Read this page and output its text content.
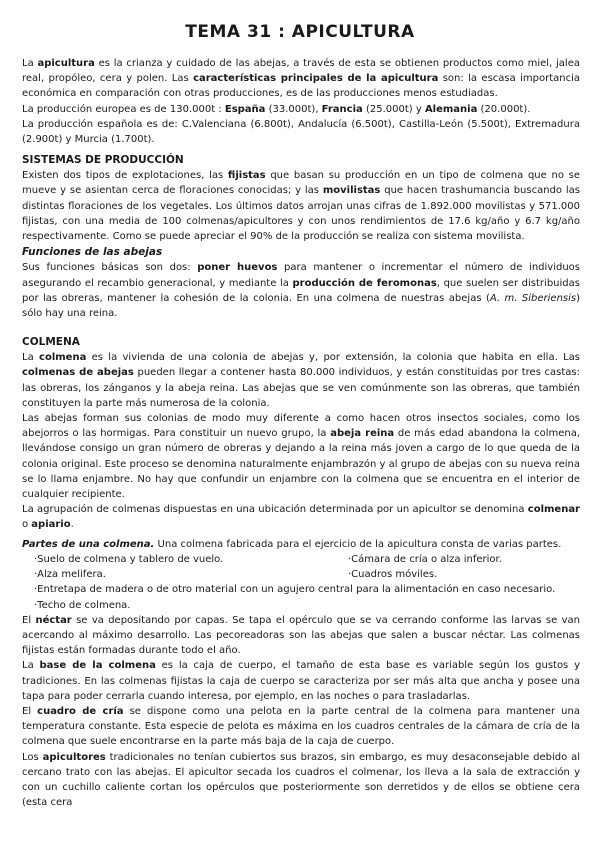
TEMA 31 : APICULTURA

La apicultura es la crianza y cuidado de las abejas, a través de esta se obtienen productos como miel, jalea real, propóleo, cera y polen. Las características principales de la apicultura son: la escasa importancia económica en comparación con otras producciones, es de las producciones menos estudiadas.

La producción europea es de 130.000t : España (33.000t), Francia (25.000t) y Alemania (20.000t).

La producción española es de: C.Valenciana (6.800t), Andalucía (6.500t), Castilla-León (5.500t), Extremadura (2.900t) y Murcia (1.700t).

SISTEMAS DE PRODUCCIÓN

Existen dos tipos de explotaciones, las fijistas que basan su producción en un tipo de colmena que no se mueve y se asientan cerca de floraciones conocidas; y las movilistas que hacen trashumancia buscando las distintas floraciones de los vegetales. Los últimos datos arrojan unas cifras de 1.892.000 movilistas y 571.000 fijistas, con una media de 100 colmenas/apicultores y con unos rendimientos de 17.6 kg/año y 6.7 kg/año respectivamente. Como se puede apreciar el 90% de la producción se realiza con sistema movilista.

Funciones de las abejas

Sus funciones básicas son dos: poner huevos para mantener o incrementar el número de individuos asegurando el recambio generacional, y mediante la producción de feromonas, que suelen ser distribuidas por las obreras, mantener la cohesión de la colonia. En una colmena de nuestras abejas (A. m. Siberiensis) sólo hay una reina.

COLMENA

La colmena es la vivienda de una colonia de abejas y, por extensión, la colonia que habita en ella. Las colmenas de abejas pueden llegar a contener hasta 80.000 individuos, y están constituidas por tres castas: las obreras, los zánganos y la abeja reina. Las abejas que se ven comúnmente son las obreras, que también constituyen la parte más numerosa de la colonia.

Las abejas forman sus colonias de modo muy diferente a como hacen otros insectos sociales, como los abejorros o las hormigas. Para constituir un nuevo grupo, la abeja reina de más edad abandona la colmena, llevándose consigo un gran número de obreras y dejando a la reina más joven a cargo de lo que queda de la colonia original. Este proceso se denomina naturalmente enjambrazón y al grupo de abejas con su nueva reina se lo llama enjambre. No hay que confundir un enjambre con la colmena que se encuentra en el interior de cualquier recipiente.

La agrupación de colmenas dispuestas en una ubicación determinada por un apicultor se denomina colmenar o apiario.

Partes de una colmena. Una colmena fabricada para el ejercicio de la apicultura consta de varias partes.

·Suelo de colmena y tablero de vuelo.	·Cámara de cría o alza inferior.
·Alza melifera.	·Cuadros móviles.
·Entretapa de madera o de otro material con un agujero central para la alimentación en caso necesario.
·Techo de colmena.

El néctar se va depositando por capas. Se tapa el opérculo que se va cerrando conforme las larvas se van acercando al máximo desarrollo. Las pecoreadoras son las abejas que salen a buscar néctar. Las colmenas fijistas están formadas durante todo el año.

La base de la colmena es la caja de cuerpo, el tamaño de esta base es variable según los gustos y tradiciones. En las colmenas fijistas la caja de cuerpo se caracteriza por ser más alta que ancha y posee una tapa para poder cerrarla cuando interesa, por ejemplo, en las noches o para trasladarlas.

El cuadro de cría se dispone como una pelota en la parte central de la colmena para mantener una temperatura constante. Esta especie de pelota es máxima en los cuadros centrales de la cámara de cría de la colmena que suele encontrarse en la parte más baja de la caja de cuerpo.

Los apicultores tradicionales no tenían cubiertos sus brazos, sin embargo, es muy desaconsejable debido al cercano trato con las abejas. El apicultor secada los cuadros el colmenar, los lleva a la sala de extracción y con un cuchillo caliente cortan los opérculos que posteriormente son derretidos y de ellos se obtiene cera (esta cera
